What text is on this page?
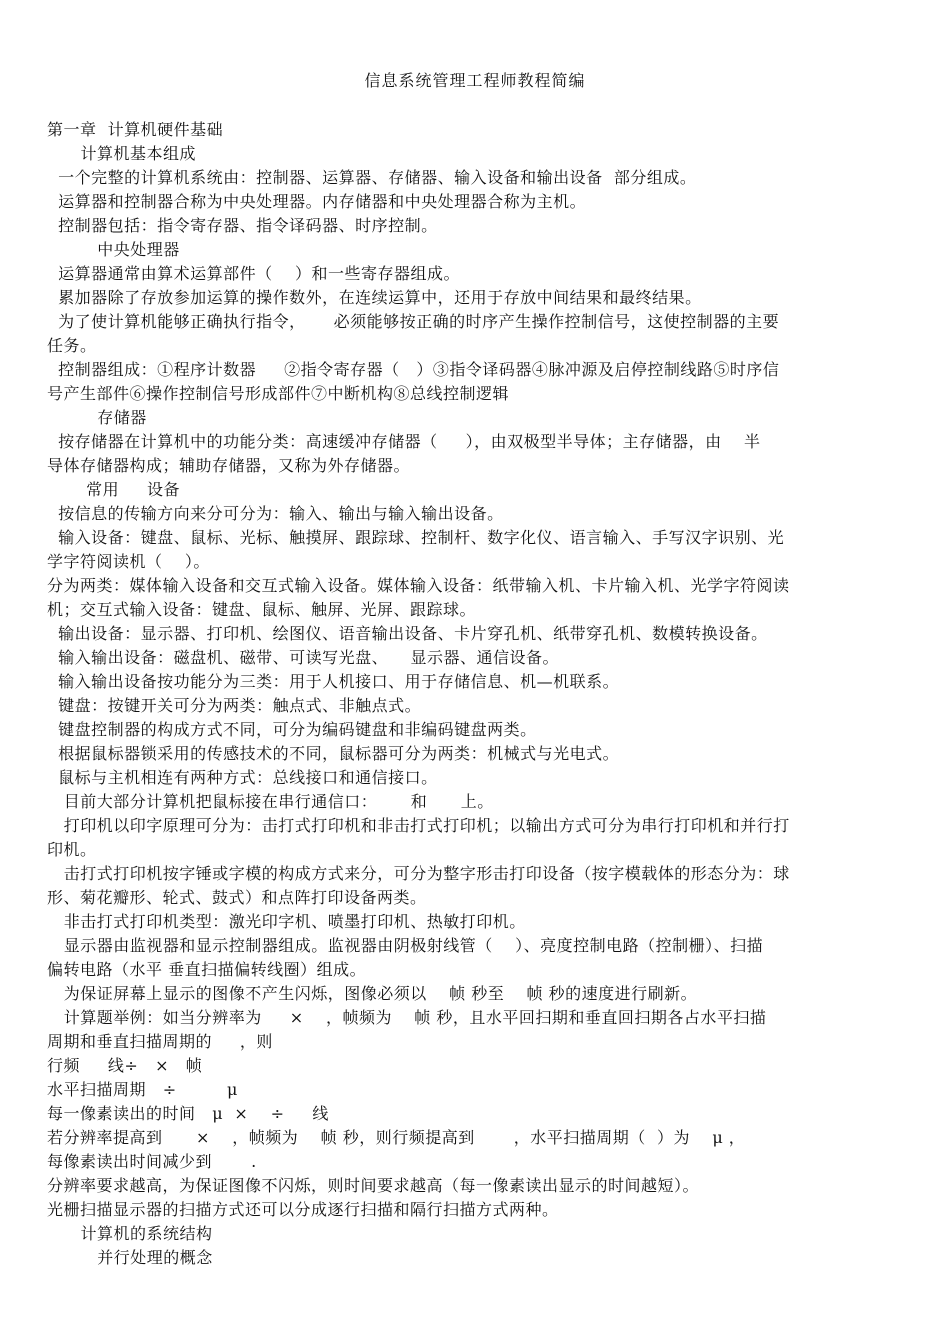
信息系统管理工程师教程简编
第一章  计算机硬件基础
计算机基本组成
一个完整的计算机系统由：控制器、运算器、存储器、输入设备和输出设备  部分组成。
运算器和控制器合称为中央处理器。内存储器和中央处理器合称为主机。
控制器包括：指令寄存器、指令译码器、时序控制。
中央处理器
运算器通常由算术运算部件（    ）和一些寄存器组成。
累加器除了存放参加运算的操作数外，在连续运算中，还用于存放中间结果和最终结果。
为了使计算机能够正确执行指令，     必须能够按正确的时序产生操作控制信号，这使控制器的主要
任务。
控制器组成：①程序计数器     ②指令寄存器（   ）③指令译码器④脉冲源及启停控制线路⑤时序信
号产生部件⑥操作控制信号形成部件⑦中断机构⑧总线控制逻辑
存储器
按存储器在计算机中的功能分类：高速缓冲存储器（     ），由双极型半导体；主存储器，由    半
导体存储器构成；辅助存储器，又称为外存储器。
常用     设备
按信息的传输方向来分可分为：输入、输出与输入输出设备。
输入设备：键盘、鼠标、光标、触摸屏、跟踪球、控制杆、数字化仪、语言输入、手写汉字识别、光
学字符阅读机（    ）。
分为两类：媒体输入设备和交互式输入设备。媒体输入设备：纸带输入机、卡片输入机、光学字符阅读
机；交互式输入设备：键盘、鼠标、触屏、光屏、跟踪球。
输出设备：显示器、打印机、绘图仪、语音输出设备、卡片穿孔机、纸带穿孔机、数模转换设备。
输入输出设备：磁盘机、磁带、可读写光盘、    显示器、通信设备。
输入输出设备按功能分为三类：用于人机接口、用于存储信息、机—机联系。
键盘：按键开关可分为两类：触点式、非触点式。
键盘控制器的构成方式不同，可分为编码键盘和非编码键盘两类。
根据鼠标器锁采用的传感技术的不同，鼠标器可分为两类：机械式与光电式。
鼠标与主机相连有两种方式：总线接口和通信接口。
目前大部分计算机把鼠标接在串行通信口：      和      上。
打印机以印字原理可分为：击打式打印机和非击打式打印机；以输出方式可分为串行打印机和并行打
印机。
击打式打印机按字锤或字模的构成方式来分，可分为整字形击打印设备（按字模载体的形态分为：球
形、菊花瓣形、轮式、鼓式）和点阵打印设备两类。
非击打式打印机类型：激光印字机、喷墨打印机、热敏打印机。
显示器由监视器和显示控制器组成。监视器由阴极射线管（    ）、亮度控制电路（控制栅）、扫描
偏转电路（水平 垂直扫描偏转线圈）组成。
为保证屏幕上显示的图像不产生闪烁，图像必须以    帧 秒至    帧 秒的速度进行刷新。
计算题举例：如当分辨率为     ×    ，帧频为    帧 秒，且水平回扫期和垂直回扫期各占水平扫描
周期和垂直扫描周期的     ，则
行频     线÷   ×   帧
水平扫描周期   ÷         μ
每一像素读出的时间   μ  ×    ÷     线
若分辨率提高到      ×    ，帧频为    帧 秒，则行频提高到       ，水平扫描周期（  ）为    μ ，
每像素读出时间减少到       .
分辨率要求越高，为保证图像不闪烁，则时间要求越高（每一像素读出显示的时间越短）。
光栅扫描显示器的扫描方式还可以分成逐行扫描和隔行扫描方式两种。
计算机的系统结构
并行处理的概念
